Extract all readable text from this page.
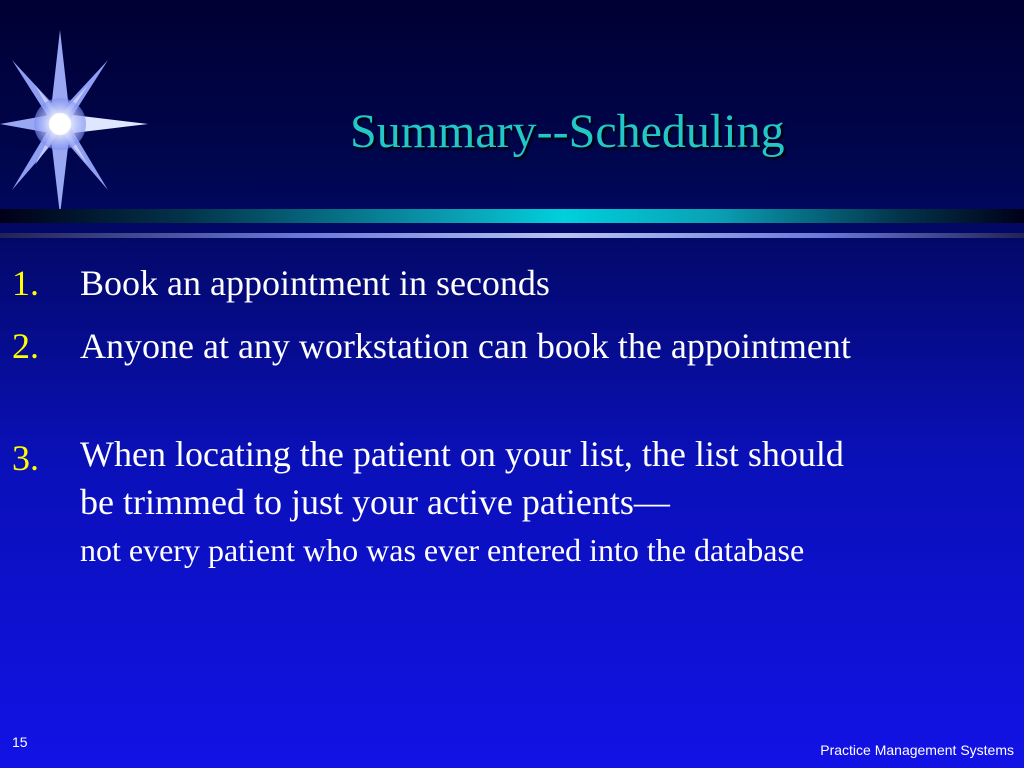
Summary--Scheduling
1. Book an appointment in seconds
2. Anyone at any workstation can book the appointment
3. When locating the patient on your list, the list should
be trimmed to just your active patients—
not every patient who was ever entered into the database
15	Practice Management Systems
